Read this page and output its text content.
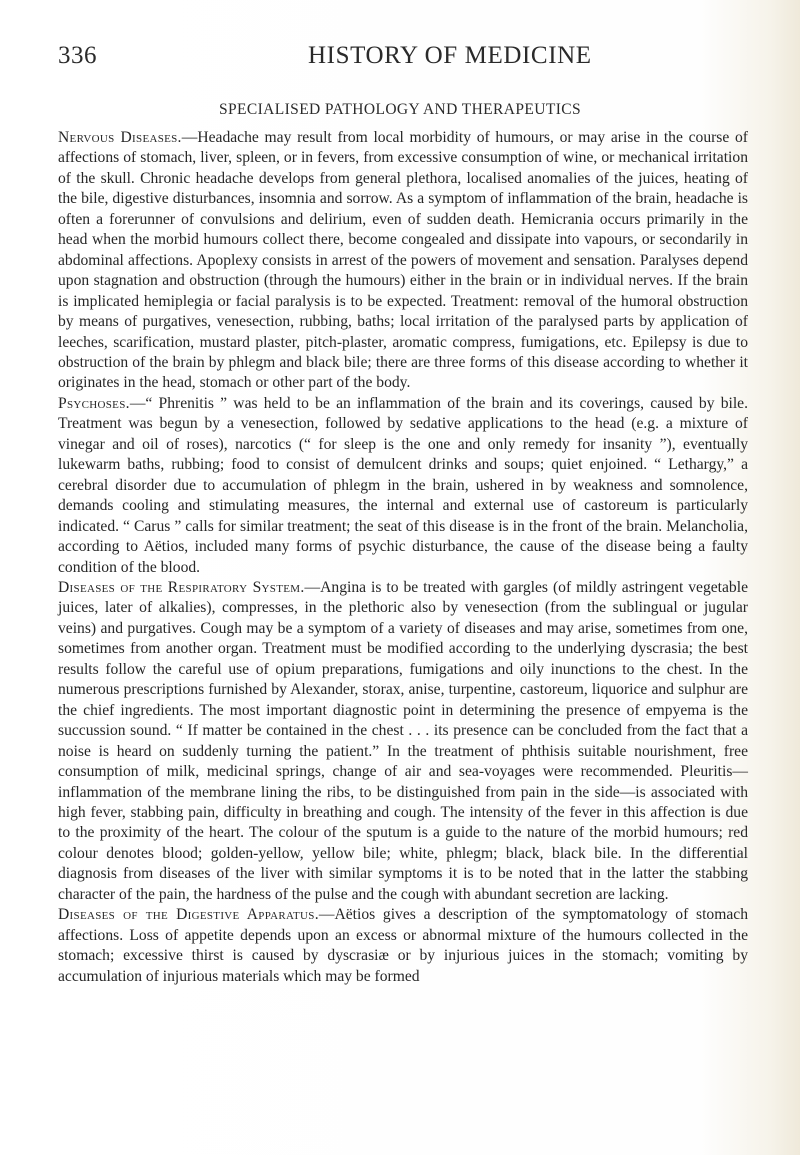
336	HISTORY OF MEDICINE
SPECIALISED PATHOLOGY AND THERAPEUTICS

Nervous Diseases.—Headache may result from local morbidity of humours, or may arise in the course of affections of stomach, liver, spleen, or in fevers, from excessive consumption of wine, or mechanical irritation of the skull. Chronic headache develops from general plethora, localised anomalies of the juices, heating of the bile, digestive disturbances, insomnia and sorrow. As a symptom of inflammation of the brain, headache is often a forerunner of convulsions and delirium, even of sudden death. Hemicrania occurs primarily in the head when the morbid humours collect there, become congealed and dissipate into vapours, or secondarily in abdominal affections. Apoplexy consists in arrest of the powers of movement and sensation. Paralyses depend upon stagnation and obstruction (through the humours) either in the brain or in individual nerves. If the brain is implicated hemiplegia or facial paralysis is to be expected. Treatment: removal of the humoral obstruction by means of purgatives, venesection, rubbing, baths; local irritation of the paralysed parts by application of leeches, scarification, mustard plaster, pitch-plaster, aromatic compress, fumigations, etc. Epilepsy is due to obstruction of the brain by phlegm and black bile; there are three forms of this disease according to whether it originates in the head, stomach or other part of the body.

Psychoses.—“ Phrenitis ” was held to be an inflammation of the brain and its coverings, caused by bile. Treatment was begun by a venesection, followed by sedative applications to the head (e.g. a mixture of vinegar and oil of roses), narcotics (“ for sleep is the one and only remedy for insanity ”), eventually lukewarm baths, rubbing; food to consist of demulcent drinks and soups; quiet enjoined. “ Lethargy,” a cerebral disorder due to accumulation of phlegm in the brain, ushered in by weakness and somnolence, demands cooling and stimulating measures, the internal and external use of castoreum is particularly indicated. “ Carus ” calls for similar treatment; the seat of this disease is in the front of the brain. Melancholia, according to Aëtios, included many forms of psychic disturbance, the cause of the disease being a faulty condition of the blood.

Diseases of the Respiratory System.—Angina is to be treated with gargles (of mildly astringent vegetable juices, later of alkalies), compresses, in the plethoric also by venesection (from the sublingual or jugular veins) and purgatives. Cough may be a symptom of a variety of diseases and may arise, sometimes from one, sometimes from another organ. Treatment must be modified according to the underlying dyscrasia; the best results follow the careful use of opium preparations, fumigations and oily inunctions to the chest. In the numerous prescriptions furnished by Alexander, storax, anise, turpentine, castoreum, liquorice and sulphur are the chief ingredients. The most important diagnostic point in determining the presence of empyema is the succussion sound. “ If matter be contained in the chest . . . its presence can be concluded from the fact that a noise is heard on suddenly turning the patient.” In the treatment of phthisis suitable nourishment, free consumption of milk, medicinal springs, change of air and sea-voyages were recommended. Pleuritis—inflammation of the membrane lining the ribs, to be distinguished from pain in the side—is associated with high fever, stabbing pain, difficulty in breathing and cough. The intensity of the fever in this affection is due to the proximity of the heart. The colour of the sputum is a guide to the nature of the morbid humours; red colour denotes blood; golden-yellow, yellow bile; white, phlegm; black, black bile. In the differential diagnosis from diseases of the liver with similar symptoms it is to be noted that in the latter the stabbing character of the pain, the hardness of the pulse and the cough with abundant secretion are lacking.

Diseases of the Digestive Apparatus.—Aëtios gives a description of the symptomatology of stomach affections. Loss of appetite depends upon an excess or abnormal mixture of the humours collected in the stomach; excessive thirst is caused by dyscrasiæ or by injurious juices in the stomach; vomiting by accumulation of injurious materials which may be formed
